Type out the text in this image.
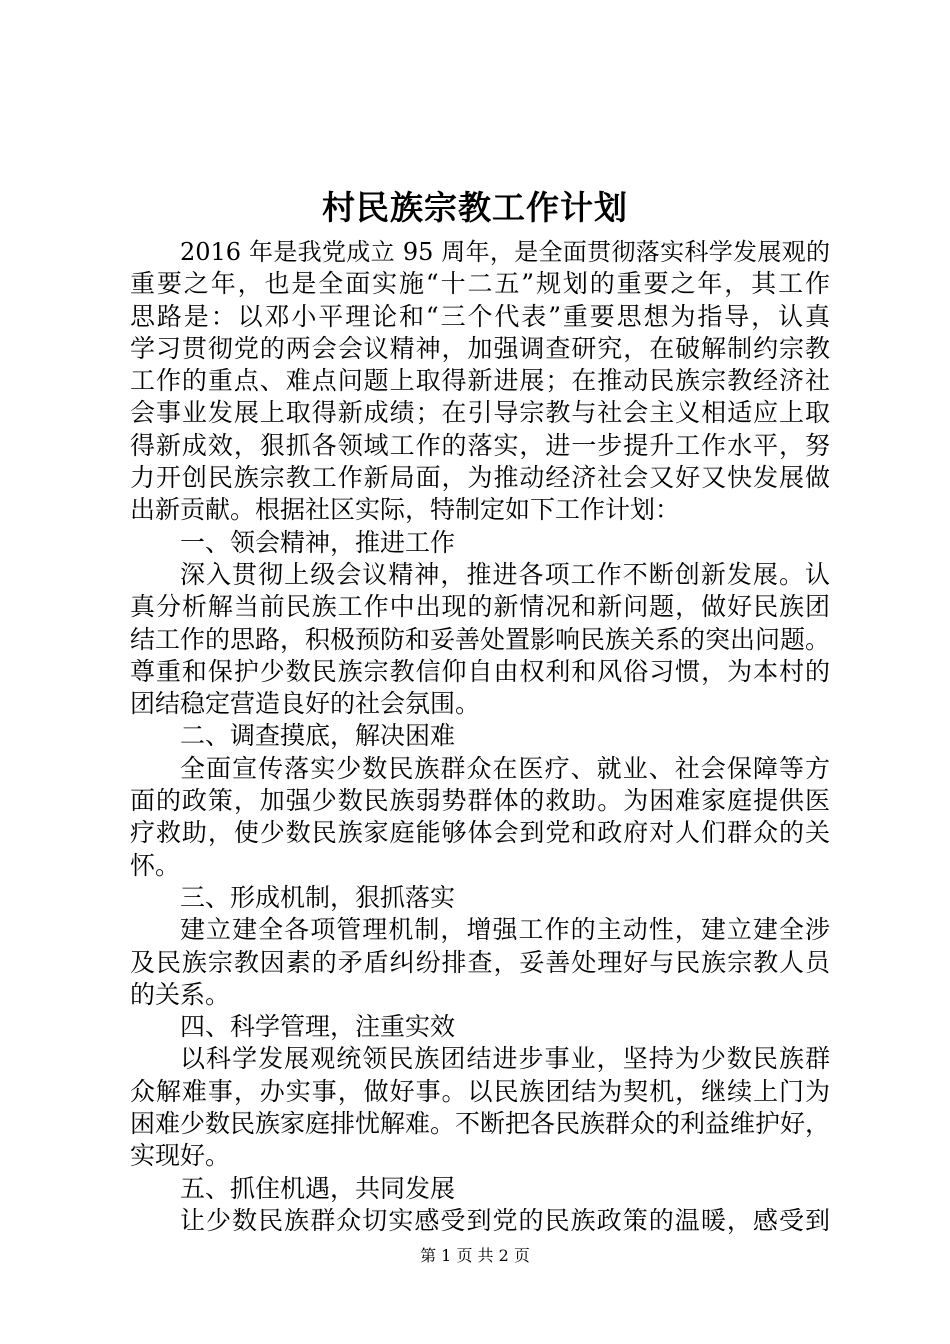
村民族宗教工作计划
2016 年是我党成立 95 周年，是全面贯彻落实科学发展观的
重要之年，也是全面实施“十二五”规划的重要之年，其工作
思路是：以邓小平理论和“三个代表”重要思想为指导，认真
学习贯彻党的两会会议精神，加强调查研究，在破解制约宗教
工作的重点、难点问题上取得新进展；在推动民族宗教经济社
会事业发展上取得新成绩；在引导宗教与社会主义相适应上取
得新成效，狠抓各领域工作的落实，进一步提升工作水平，努
力开创民族宗教工作新局面，为推动经济社会又好又快发展做
出新贡献。根据社区实际，特制定如下工作计划：
一、领会精神，推进工作
深入贯彻上级会议精神，推进各项工作不断创新发展。认
真分析解当前民族工作中出现的新情况和新问题，做好民族团
结工作的思路，积极预防和妥善处置影响民族关系的突出问题。
尊重和保护少数民族宗教信仰自由权利和风俗习惯，为本村的
团结稳定营造良好的社会氛围。
二、调查摸底，解决困难
全面宣传落实少数民族群众在医疗、就业、社会保障等方
面的政策，加强少数民族弱势群体的救助。为困难家庭提供医
疗救助，使少数民族家庭能够体会到党和政府对人们群众的关
怀。
三、形成机制，狠抓落实
建立建全各项管理机制，增强工作的主动性，建立建全涉
及民族宗教因素的矛盾纠纷排查，妥善处理好与民族宗教人员
的关系。
四、科学管理，注重实效
以科学发展观统领民族团结进步事业，坚持为少数民族群
众解难事，办实事，做好事。以民族团结为契机，继续上门为
困难少数民族家庭排忧解难。不断把各民族群众的利益维护好，
实现好。
五、抓住机遇，共同发展
让少数民族群众切实感受到党的民族政策的温暖，感受到
第 1 页 共 2 页
